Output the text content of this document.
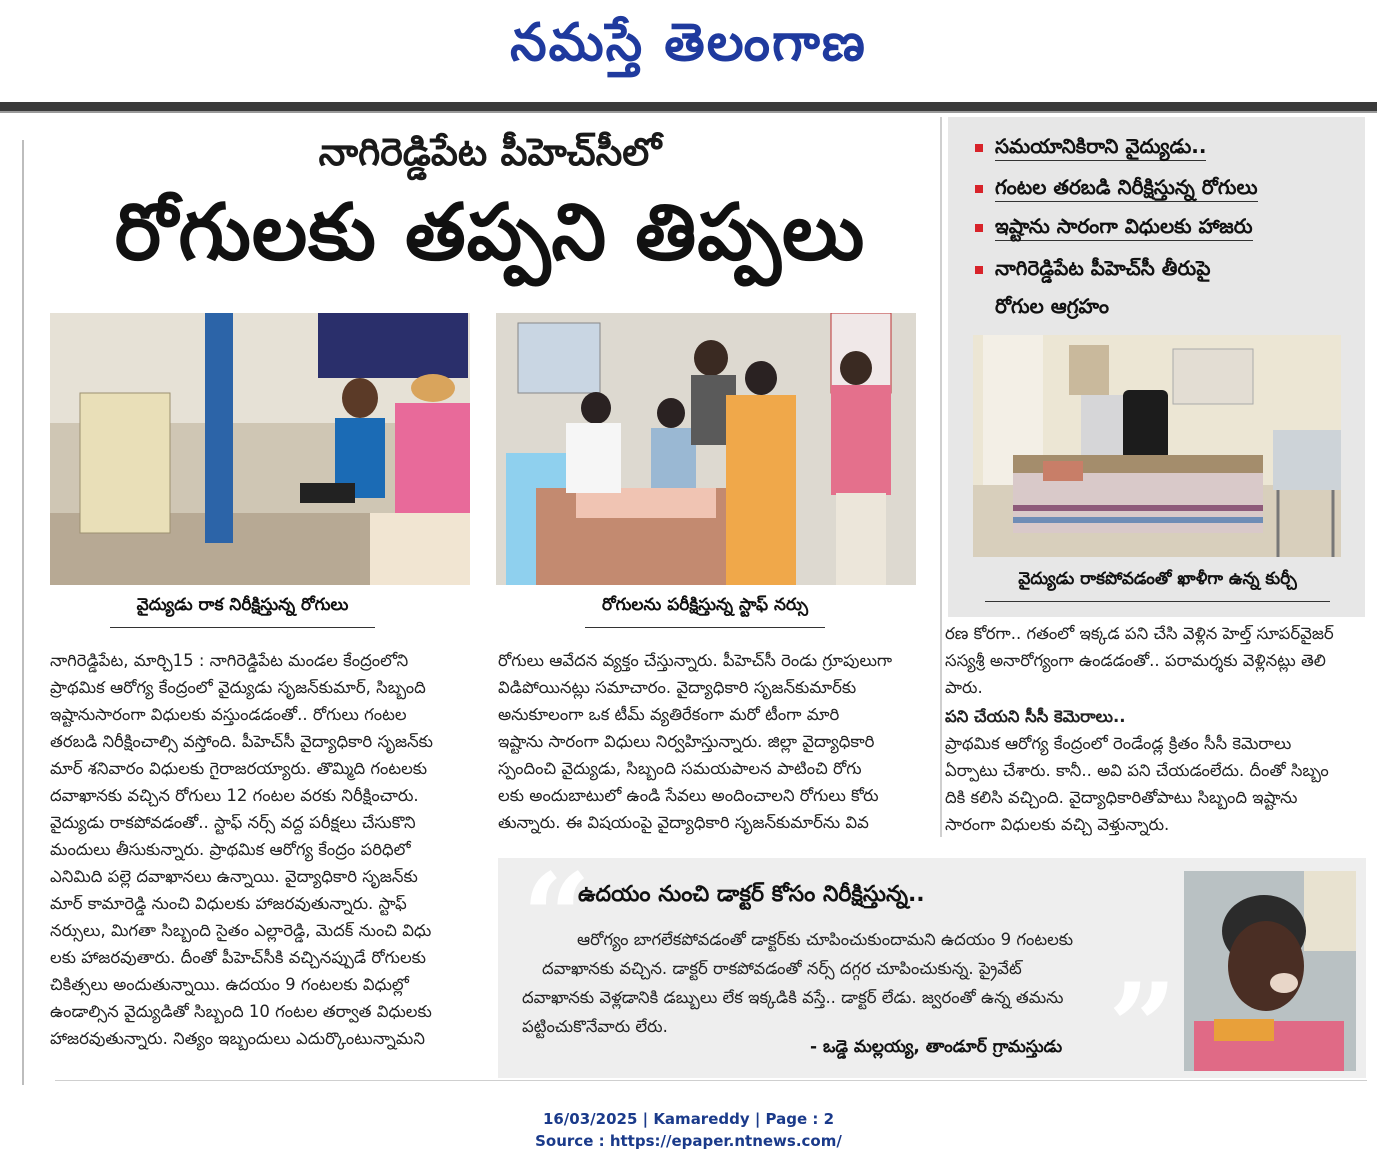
నమస్తే తెలంగాణ
నాగిరెడ్డిపేట పీహెచ్‌సీలో
రోగులకు తప్పని తిప్పలు
సమయానికిరాని వైద్యుడు..
గంటల తరబడి నిరీక్షిస్తున్న రోగులు
ఇష్టాను సారంగా విధులకు హాజరు
నాగిరెడ్డిపేట పీహెచ్‌సీ తీరుపై
రోగుల ఆగ్రహం
వైద్యుడు రాకపోవడంతో ఖాళీగా ఉన్న కుర్చీ
వైద్యుడు రాక నిరీక్షిస్తున్న రోగులు	రోగులను పరీక్షిస్తున్న స్టాఫ్ నర్సు

నాగిరెడ్డిపేట, మార్చి15 : నాగిరెడ్డిపేట మండల కేంద్రంలోని

ప్రాథమిక ఆరోగ్య కేంద్రంలో వైద్యుడు సృజన్‌కుమార్, సిబ్బంది

ఇష్టానుసారంగా విధులకు వస్తుండడంతో.. రోగులు గంటల

తరబడి నిరీక్షించాల్సి వస్తోంది. పీహెచ్‌సీ వైద్యాధికారి సృజన్‌కు

మార్ శనివారం విధులకు గైరాజరయ్యారు. తొమ్మిది గంటలకు

దవాఖానకు వచ్చిన రోగులు 12 గంటల వరకు నిరీక్షించారు.

వైద్యుడు రాకపోవడంతో.. స్టాఫ్ నర్స్ వద్ద పరీక్షలు చేసుకొని

మందులు తీసుకున్నారు. ప్రాథమిక ఆరోగ్య కేంద్రం పరిధిలో

ఎనిమిది పల్లె దవాఖానలు ఉన్నాయి. వైద్యాధికారి సృజన్‌కు

మార్ కామారెడ్డి నుంచి విధులకు హాజరవుతున్నారు. స్టాఫ్

నర్సులు, మిగతా సిబ్బంది సైతం ఎల్లారెడ్డి, మెదక్ నుంచి విధు

లకు హాజరవుతారు. దీంతో పీహెచ్‌సీకి వచ్చినప్పుడే రోగులకు

చికిత్సలు అందుతున్నాయి. ఉదయం 9 గంటలకు విధుల్లో

ఉండాల్సిన వైద్యుడితో సిబ్బంది 10 గంటల తర్వాత విధులకు

హాజరవుతున్నారు. నిత్యం ఇబ్బందులు ఎదుర్కొంటున్నామని

రోగులు ఆవేదన వ్యక్తం చేస్తున్నారు. పీహెచ్‌సీ రెండు గ్రూపులుగా

విడిపోయినట్లు సమాచారం. వైద్యాధికారి సృజన్‌కుమార్‌కు

అనుకూలంగా ఒక టీమ్ వ్యతిరేకంగా మరో టీంగా మారి

ఇష్టాను సారంగా విధులు నిర్వహిస్తున్నారు. జిల్లా వైద్యాధికారి

స్పందించి వైద్యుడు, సిబ్బంది సమయపాలన పాటించి రోగు

లకు అందుబాటులో ఉండి సేవలు అందించాలని రోగులు కోరు

తున్నారు. ఈ విషయంపై వైద్యాధికారి సృజన్‌కుమార్‌ను వివ

రణ కోరగా.. గతంలో ఇక్కడ పని చేసి వెళ్లిన హెల్త్ సూపర్‌వైజర్

సస్యశ్రీ అనారోగ్యంగా ఉండడంతో.. పరామర్శకు వెళ్లినట్లు తెలి

పారు.

పని చేయని సీసీ కెమెరాలు..

ప్రాథమిక ఆరోగ్య కేంద్రంలో రెండేండ్ల క్రితం సీసీ కెమెరాలు

ఏర్పాటు చేశారు. కానీ.. అవి పని చేయడంలేదు. దీంతో సిబ్బం

దికి కలిసి వచ్చింది. వైద్యాధికారితోపాటు సిబ్బంది ఇష్టాను

సారంగా విధులకు వచ్చి వెళ్తున్నారు.

“
”
ఉదయం నుంచి డాక్టర్ కోసం నిరీక్షిస్తున్న..
ఆరోగ్యం బాగలేకపోవడంతో డాక్టర్‌కు చూపించుకుందామని ఉదయం 9 గంటలకు
దవాఖానకు వచ్చిన. డాక్టర్ రాకపోవడంతో నర్స్ దగ్గర చూపించుకున్న. ప్రైవేట్
దవాఖానకు వెళ్లడానికి డబ్బులు లేక ఇక్కడికి వస్తే.. డాక్టర్ లేడు. జ్వరంతో ఉన్న తమను
పట్టించుకొనేవారు లేరు.
- ఒడ్డె మల్లయ్య, తాండూర్ గ్రామస్తుడు
16/03/2025 | Kamareddy | Page : 2
Source : https://epaper.ntnews.com/
